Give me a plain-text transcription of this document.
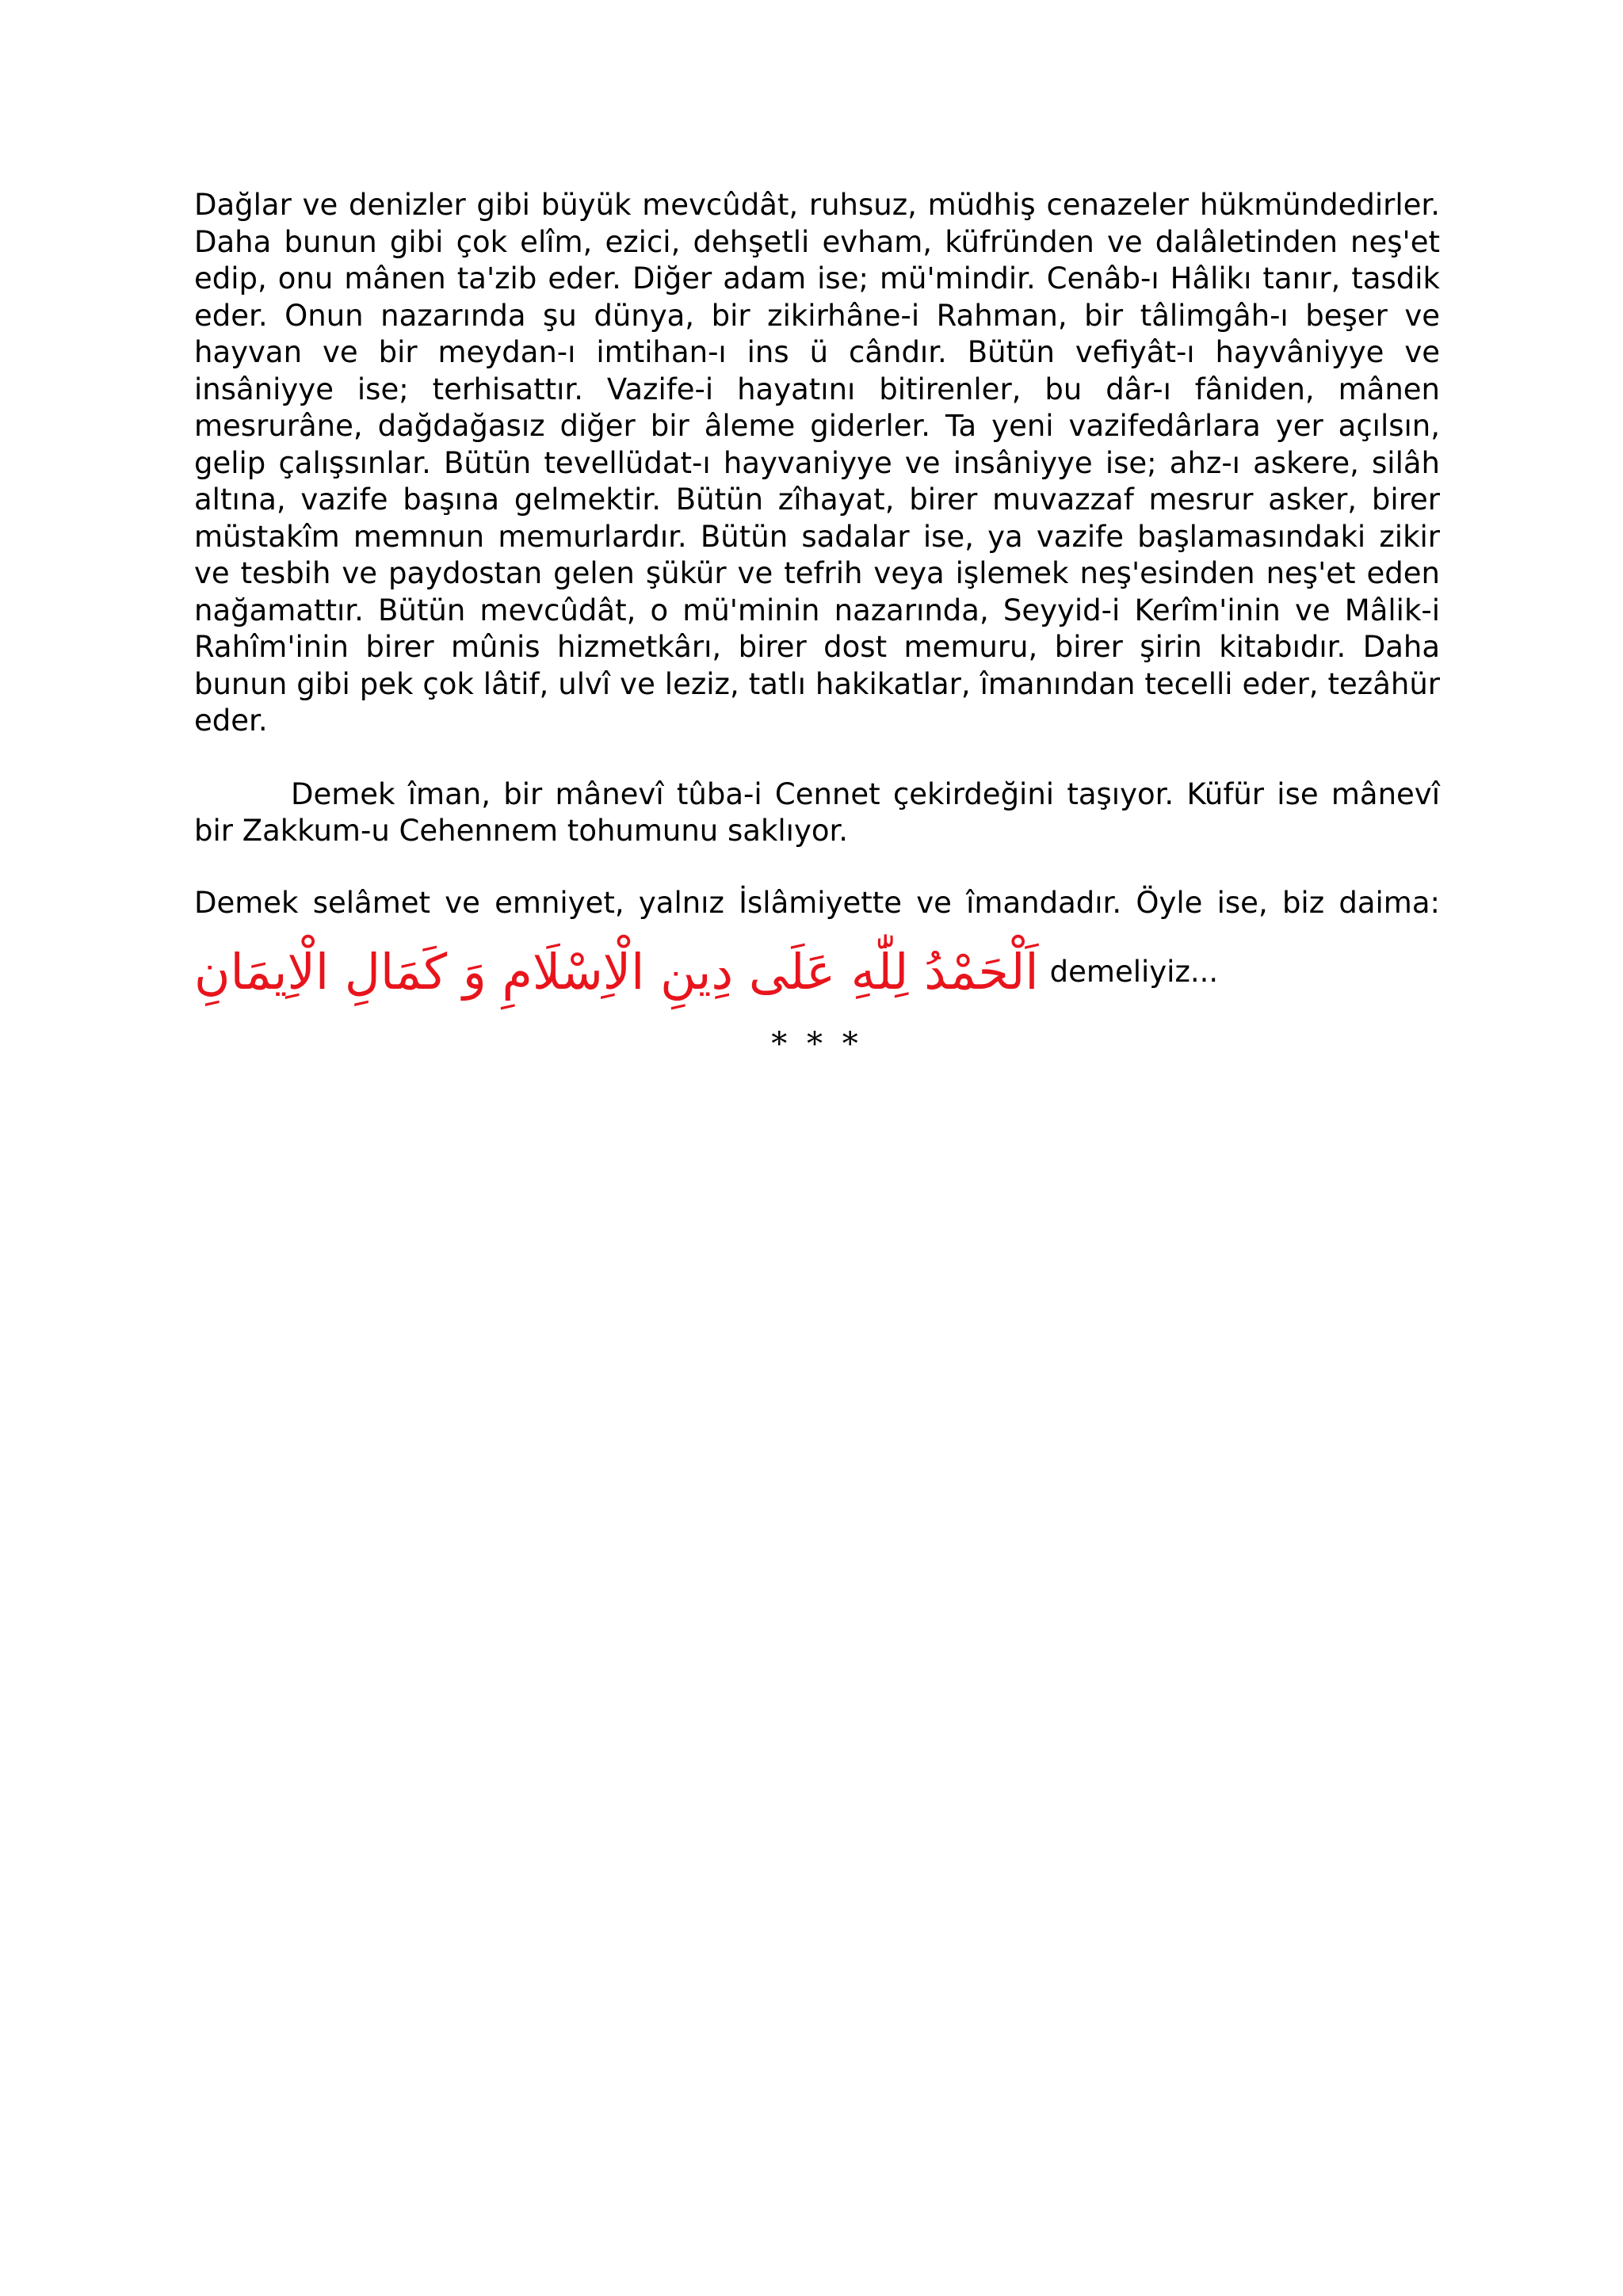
Dağlar ve denizler gibi büyük mevcûdât, ruhsuz, müdhiş cenazeler hükmündedirler. Daha bunun gibi çok elîm, ezici, dehşetli evham, küfründen ve dalâletinden neş'et edip, onu mânen ta'zib eder. Diğer adam ise; mü'mindir. Cenâb-ı Hâlikı tanır, tasdik eder. Onun nazarında şu dünya, bir zikirhâne-i Rahman, bir tâlimgâh-ı beşer ve hayvan ve bir meydan-ı imtihan-ı ins ü cândır. Bütün vefiyât-ı hayvâniyye ve insâniyye ise; terhisattır. Vazife-i hayatını bitirenler, bu dâr-ı fâniden, mânen mesrurâne, dağdağasız diğer bir âleme giderler. Ta yeni vazifedârlara yer açılsın, gelip çalışsınlar. Bütün tevellüdat-ı hayvaniyye ve insâniyye ise; ahz-ı askere, silâh altına, vazife başına gelmektir. Bütün zîhayat, birer muvazzaf mesrur asker, birer müstakîm memnun memurlardır. Bütün sadalar ise, ya vazife başlamasındaki zikir ve tesbih ve paydostan gelen şükür ve tefrih veya işlemek neş'esinden neş'et eden nağamattır. Bütün mevcûdât, o mü'minin nazarında, Seyyid-i Kerîm'inin ve Mâlik-i Rahîm'inin birer mûnis hizmetkârı, birer dost memuru, birer şirin kitabıdır. Daha bunun gibi pek çok lâtif, ulvî ve leziz, tatlı hakikatlar, îmanından tecelli eder, tezâhür eder.

Demek îman, bir mânevî tûba-i Cennet çekirdeğini taşıyor. Küfür ise mânevî bir Zakkum-u Cehennem tohumunu saklıyor.

Demek selâmet ve emniyet, yalnız İslâmiyette ve îmandadır. Öyle ise, biz daima:

اَلْحَمْدُ لِلّٰهِ عَلَى دِينِ الْاِسْلَامِ وَ كَمَالِ الْاِيمَانِ demeliyiz...
* * *
